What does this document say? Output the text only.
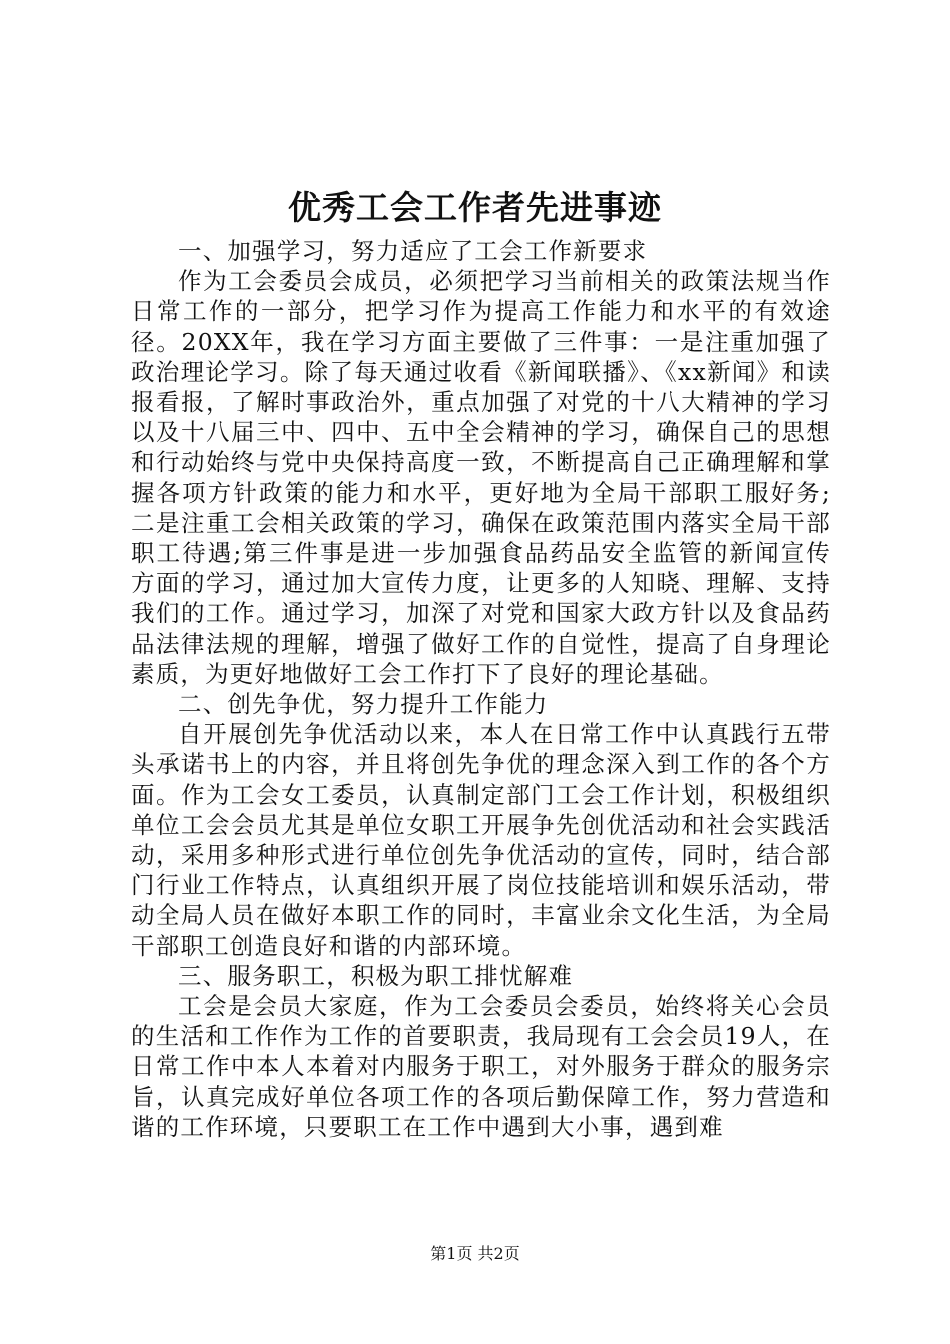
优秀工会工作者先进事迹

一、加强学习，努力适应了工会工作新要求

作为工会委员会成员，必须把学习当前相关的政策法规当作日常工作的一部分，把学习作为提高工作能力和水平的有效途径。20XX年，我在学习方面主要做了三件事：一是注重加强了政治理论学习。除了每天通过收看《新闻联播》、《xx新闻》和读报看报，了解时事政治外，重点加强了对党的十八大精神的学习以及十八届三中、四中、五中全会精神的学习，确保自己的思想和行动始终与党中央保持高度一致，不断提高自己正确理解和掌握各项方针政策的能力和水平，更好地为全局干部职工服好务;二是注重工会相关政策的学习，确保在政策范围内落实全局干部职工待遇;第三件事是进一步加强食品药品安全监管的新闻宣传方面的学习，通过加大宣传力度，让更多的人知晓、理解、支持我们的工作。通过学习，加深了对党和国家大政方针以及食品药品法律法规的理解，增强了做好工作的自觉性，提高了自身理论素质，为更好地做好工会工作打下了良好的理论基础。

二、创先争优，努力提升工作能力

自开展创先争优活动以来，本人在日常工作中认真践行五带头承诺书上的内容，并且将创先争优的理念深入到工作的各个方面。作为工会女工委员，认真制定部门工会工作计划，积极组织单位工会会员尤其是单位女职工开展争先创优活动和社会实践活动，采用多种形式进行单位创先争优活动的宣传，同时，结合部门行业工作特点，认真组织开展了岗位技能培训和娱乐活动，带动全局人员在做好本职工作的同时，丰富业余文化生活，为全局干部职工创造良好和谐的内部环境。

三、服务职工，积极为职工排忧解难

工会是会员大家庭，作为工会委员会委员，始终将关心会员的生活和工作作为工作的首要职责，我局现有工会会员19人，在日常工作中本人本着对内服务于职工，对外服务于群众的服务宗旨，认真完成好单位各项工作的各项后勤保障工作，努力营造和谐的工作环境，只要职工在工作中遇到大小事，遇到难

第1页 共2页
